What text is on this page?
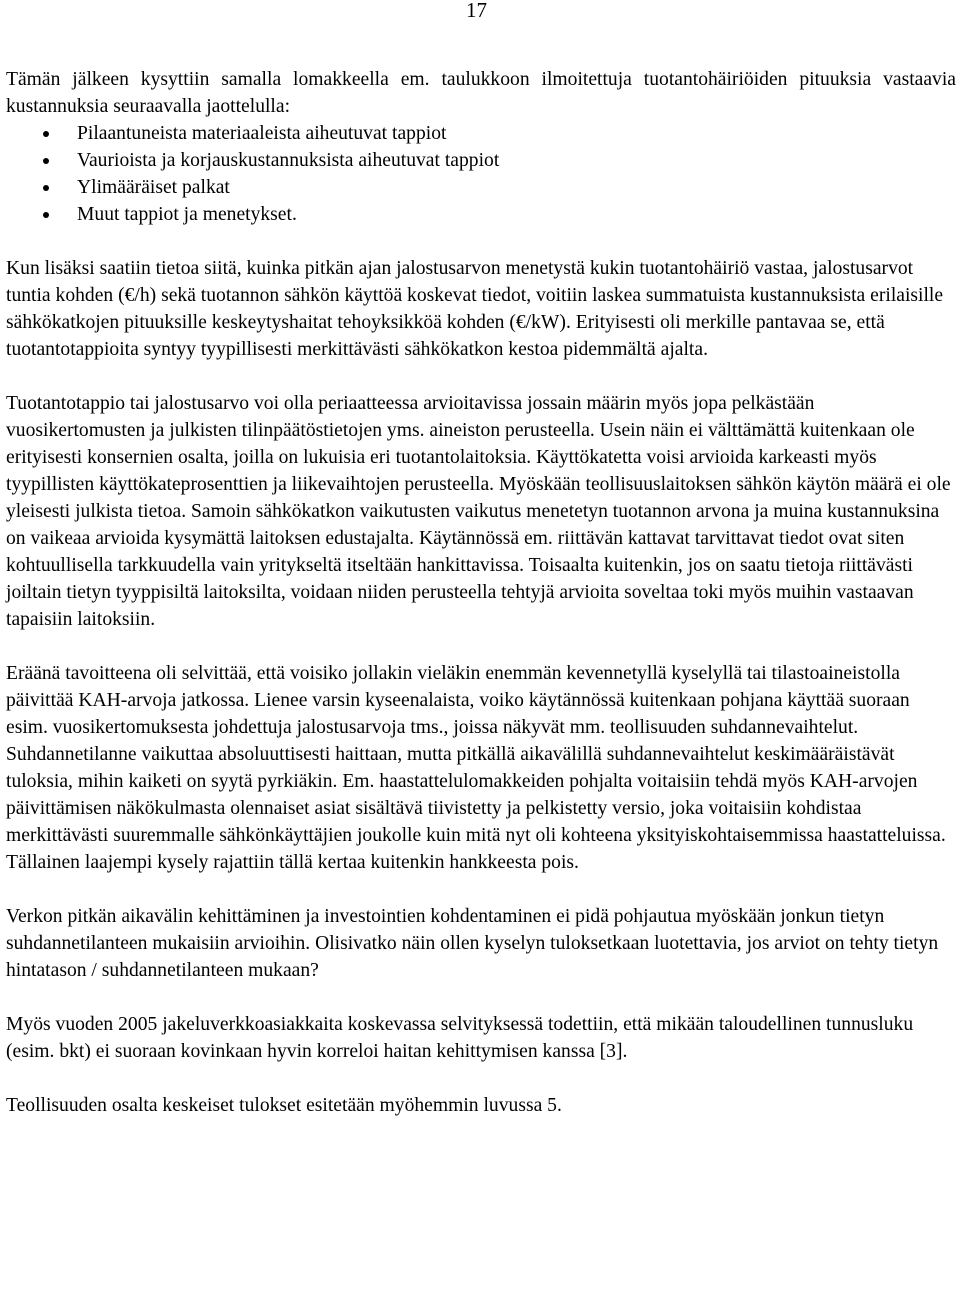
17

Tämän jälkeen kysyttiin samalla lomakkeella em. taulukkoon ilmoitettuja tuotantohäiriöiden pituuksia vastaavia kustannuksia seuraavalla jaottelulla:

Pilaantuneista materiaaleista aiheutuvat tappiot
Vaurioista ja korjauskustannuksista aiheutuvat tappiot
Ylimääräiset palkat
Muut tappiot ja menetykset.

Kun lisäksi saatiin tietoa siitä, kuinka pitkän ajan jalostusarvon menetystä kukin tuotantohäiriö vastaa, jalostusarvot tuntia kohden (€/h) sekä tuotannon sähkön käyttöä koskevat tiedot, voitiin laskea summatuista kustannuksista erilaisille sähkökatkojen pituuksille keskeytyshaitat tehoyksikköä kohden (€/kW). Erityisesti oli merkille pantavaa se, että tuotantotappioita syntyy tyypillisesti merkittävästi sähkökatkon kestoa pidemmältä ajalta.

Tuotantotappio tai jalostusarvo voi olla periaatteessa arvioitavissa jossain määrin myös jopa pelkästään vuosikertomusten ja julkisten tilinpäätöstietojen yms. aineiston perusteella. Usein näin ei välttämättä kuitenkaan ole erityisesti konsernien osalta, joilla on lukuisia eri tuotantolaitoksia. Käyttökatetta voisi arvioida karkeasti myös tyypillisten käyttökateprosenttien ja liikevaihtojen perusteella. Myöskään teollisuuslaitoksen sähkön käytön määrä ei ole yleisesti julkista tietoa. Samoin sähkökatkon vaikutusten vaikutus menetetyn tuotannon arvona ja muina kustannuksina on vaikeaa arvioida kysymättä laitoksen edustajalta. Käytännössä em. riittävän kattavat tarvittavat tiedot ovat siten kohtuullisella tarkkuudella vain yritykseltä itseltään hankittavissa. Toisaalta kuitenkin, jos on saatu tietoja riittävästi joiltain tietyn tyyppisiltä laitoksilta, voidaan niiden perusteella tehtyjä arvioita soveltaa toki myös muihin vastaavan tapaisiin laitoksiin.

Eräänä tavoitteena oli selvittää, että voisiko jollakin vieläkin enemmän kevennetyllä kyselyllä tai tilastoaineistolla päivittää KAH-arvoja jatkossa. Lienee varsin kyseenalaista, voiko käytännössä kuitenkaan pohjana käyttää suoraan esim. vuosikertomuksesta johdettuja jalostusarvoja tms., joissa näkyvät mm. teollisuuden suhdannevaihtelut. Suhdannetilanne vaikuttaa absoluuttisesti haittaan, mutta pitkällä aikavälillä suhdannevaihtelut keskimääräistävät tuloksia, mihin kaiketi on syytä pyrkiäkin. Em. haastattelulomakkeiden pohjalta voitaisiin tehdä myös KAH-arvojen päivittämisen näkökulmasta olennaiset asiat sisältävä tiivistetty ja pelkistetty versio, joka voitaisiin kohdistaa merkittävästi suuremmalle sähkönkäyttäjien joukolle kuin mitä nyt oli kohteena yksityiskohtaisemmissa haastatteluissa. Tällainen laajempi kysely rajattiin tällä kertaa kuitenkin hankkeesta pois.

Verkon pitkän aikavälin kehittäminen ja investointien kohdentaminen ei pidä pohjautua myöskään jonkun tietyn suhdannetilanteen mukaisiin arvioihin. Olisivatko näin ollen kyselyn tuloksetkaan luotettavia, jos arviot on tehty tietyn hintatason / suhdannetilanteen mukaan?

Myös vuoden 2005 jakeluverkkoasiakkaita koskevassa selvityksessä todettiin, että mikään taloudellinen tunnusluku (esim. bkt) ei suoraan kovinkaan hyvin korreloi haitan kehittymisen kanssa [3].

Teollisuuden osalta keskeiset tulokset esitetään myöhemmin luvussa 5.
